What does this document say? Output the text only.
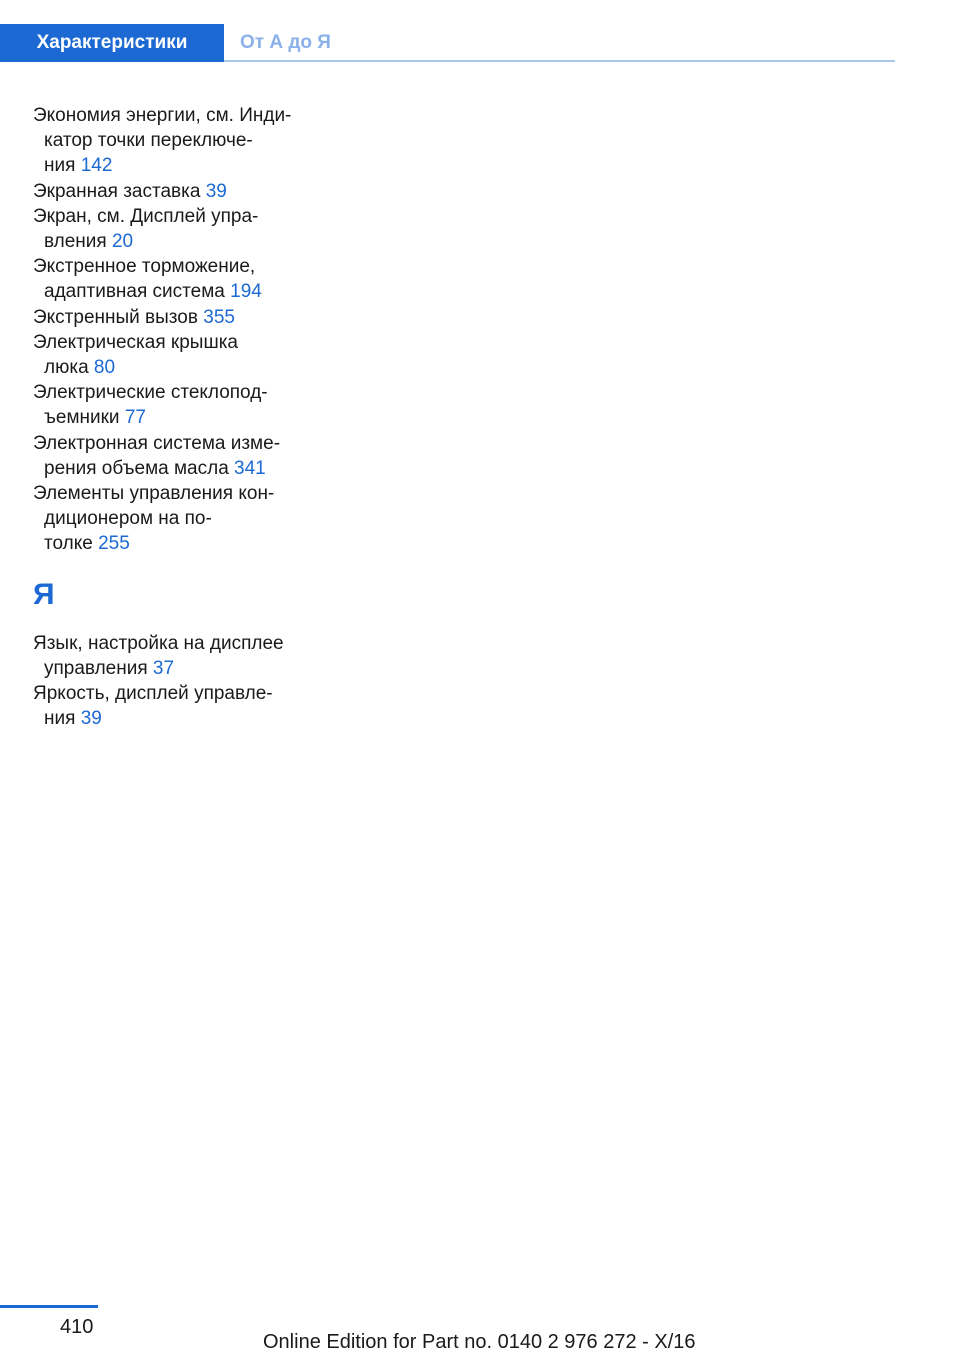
Характеристики	От А до Я
Экономия энергии, см. Инди-
катор точки переключе-
ния 142
Экранная заставка 39
Экран, см. Дисплей упра-
вления 20
Экстренное торможение,
адаптивная система 194
Экстренный вызов 355
Электрическая крышка
люка 80
Электрические стеклопод-
ъемники 77
Электронная система изме-
рения объема масла 341
Элементы управления кон-
диционером на по-
толке 255
Я
Язык, настройка на дисплее
управления 37
Яркость, дисплей управле-
ния 39
410
Online Edition for Part no. 0140 2 976 272 - X/16
